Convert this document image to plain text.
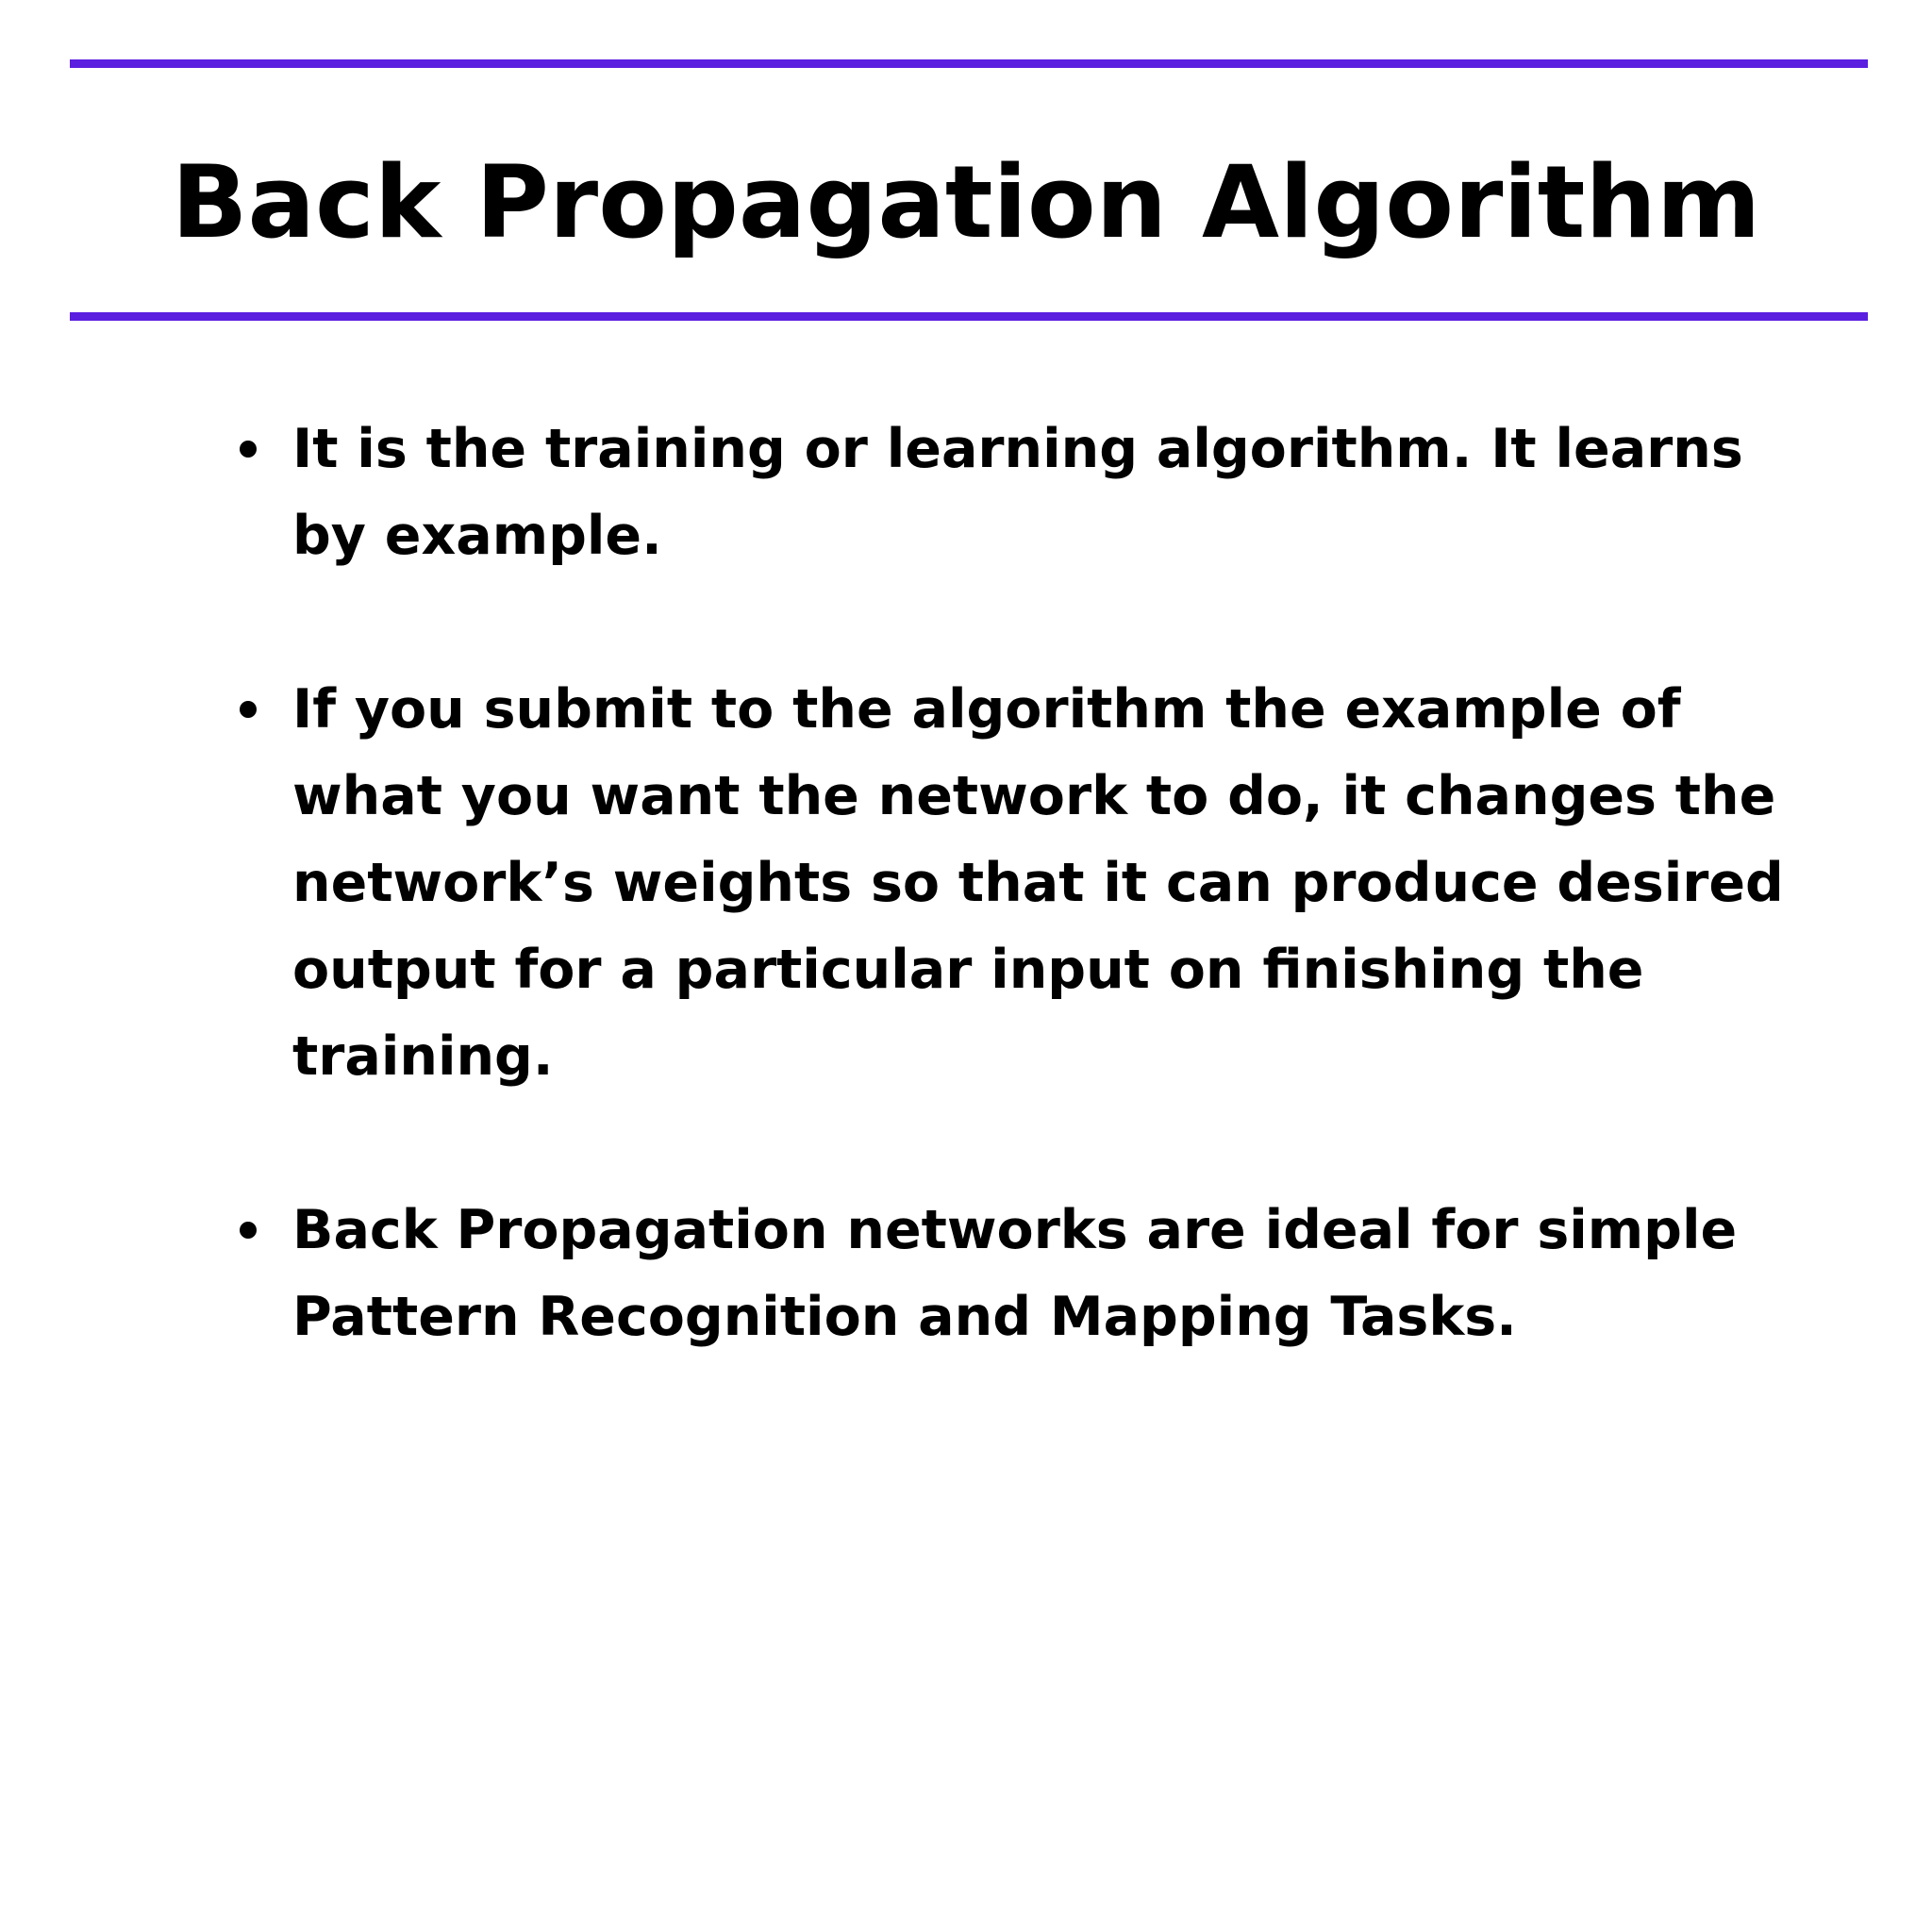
Back Propagation Algorithm
It is the training or learning algorithm. It learns by example.
If you submit to the algorithm the example of what you want the network to do, it changes the network’s weights so that it can produce desired output for a particular input on finishing the training.
Back Propagation networks are ideal for simple Pattern Recognition and Mapping Tasks.
